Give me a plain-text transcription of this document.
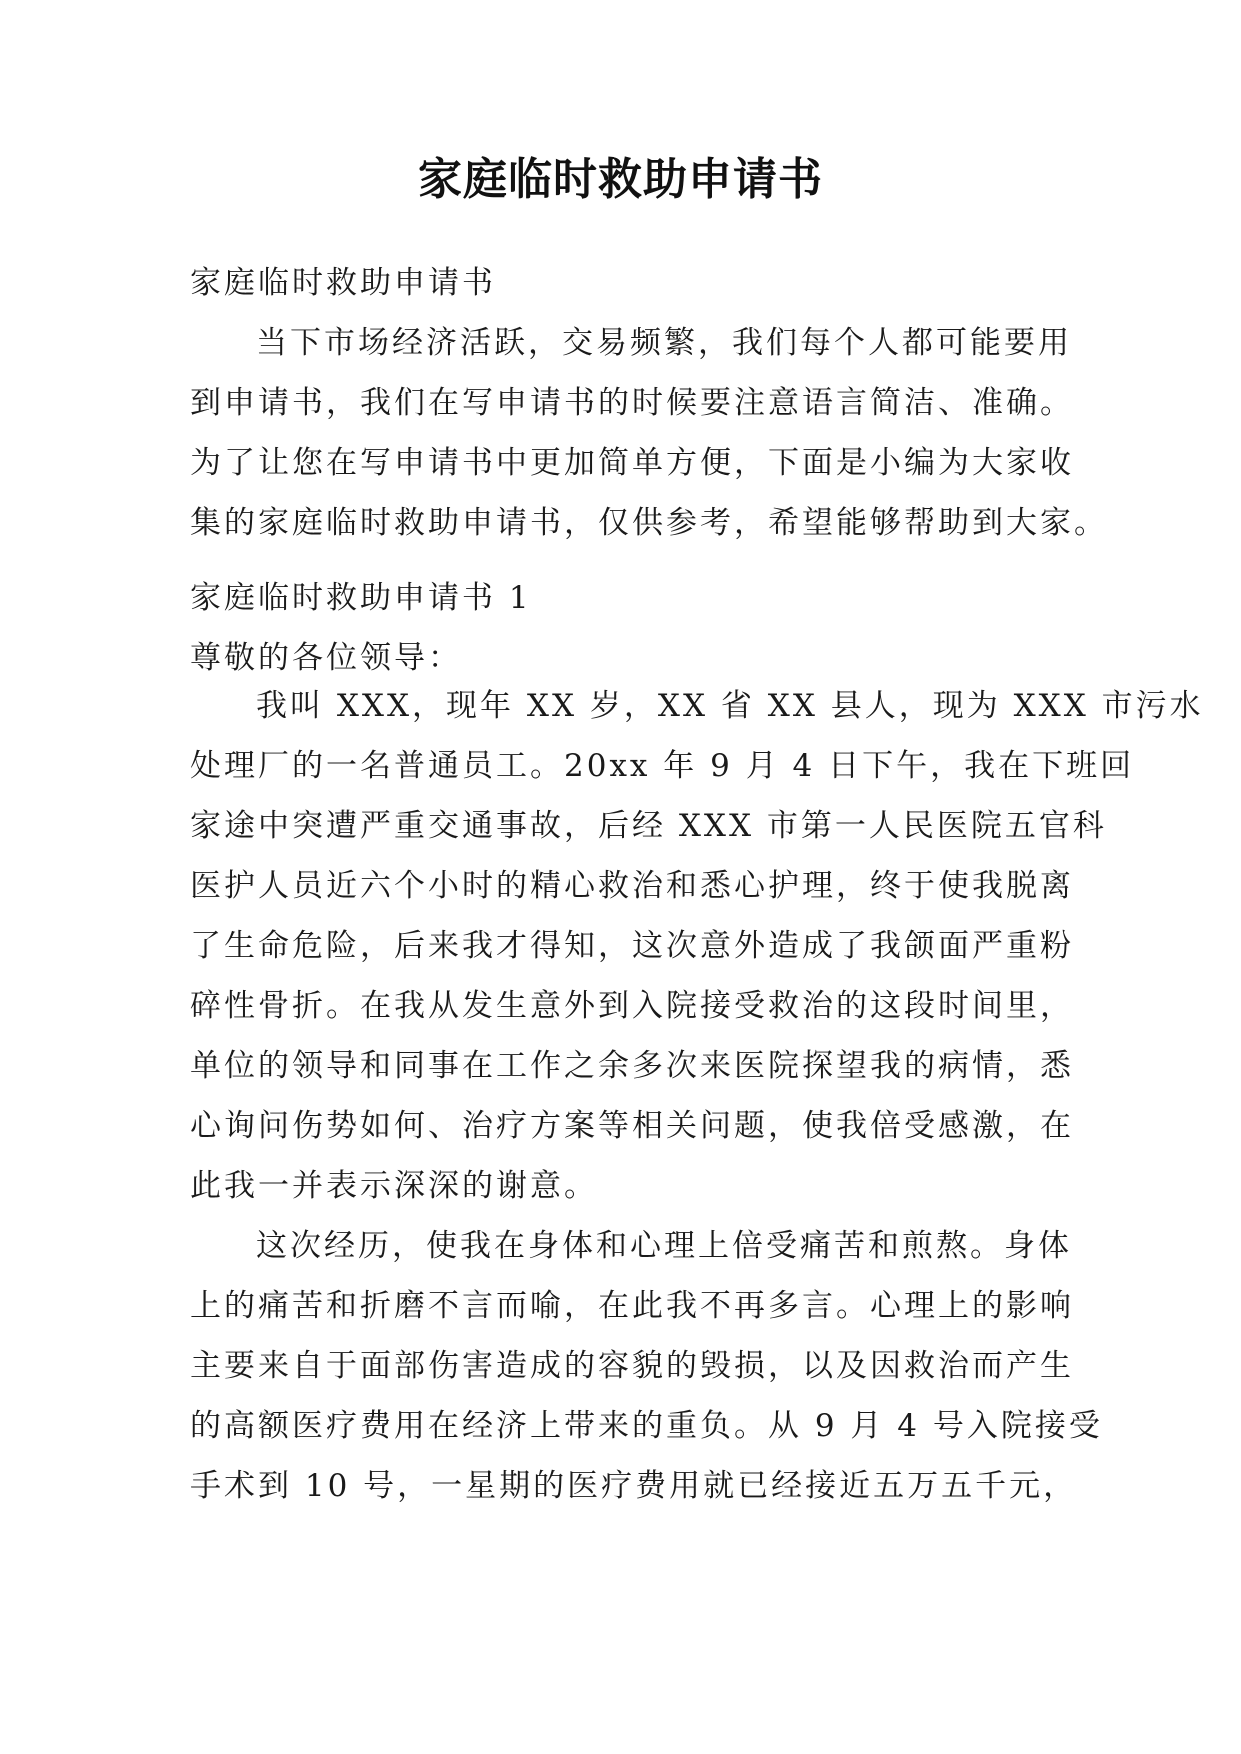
家庭临时救助申请书
家庭临时救助申请书
当下市场经济活跃，交易频繁，我们每个人都可能要用
到申请书，我们在写申请书的时候要注意语言简洁、准确。
为了让您在写申请书中更加简单方便，下面是小编为大家收
集的家庭临时救助申请书，仅供参考，希望能够帮助到大家。
家庭临时救助申请书 1
尊敬的各位领导：
我叫 XXX，现年 XX 岁，XX 省 XX 县人，现为 XXX 市污水
处理厂的一名普通员工。20xx 年 9 月 4 日下午，我在下班回
家途中突遭严重交通事故，后经 XXX 市第一人民医院五官科
医护人员近六个小时的精心救治和悉心护理，终于使我脱离
了生命危险，后来我才得知，这次意外造成了我颌面严重粉
碎性骨折。在我从发生意外到入院接受救治的这段时间里，
单位的领导和同事在工作之余多次来医院探望我的病情，悉
心询问伤势如何、治疗方案等相关问题，使我倍受感激，在
此我一并表示深深的谢意。
这次经历，使我在身体和心理上倍受痛苦和煎熬。身体
上的痛苦和折磨不言而喻，在此我不再多言。心理上的影响
主要来自于面部伤害造成的容貌的毁损，以及因救治而产生
的高额医疗费用在经济上带来的重负。从 9 月 4 号入院接受
手术到 10 号，一星期的医疗费用就已经接近五万五千元，
